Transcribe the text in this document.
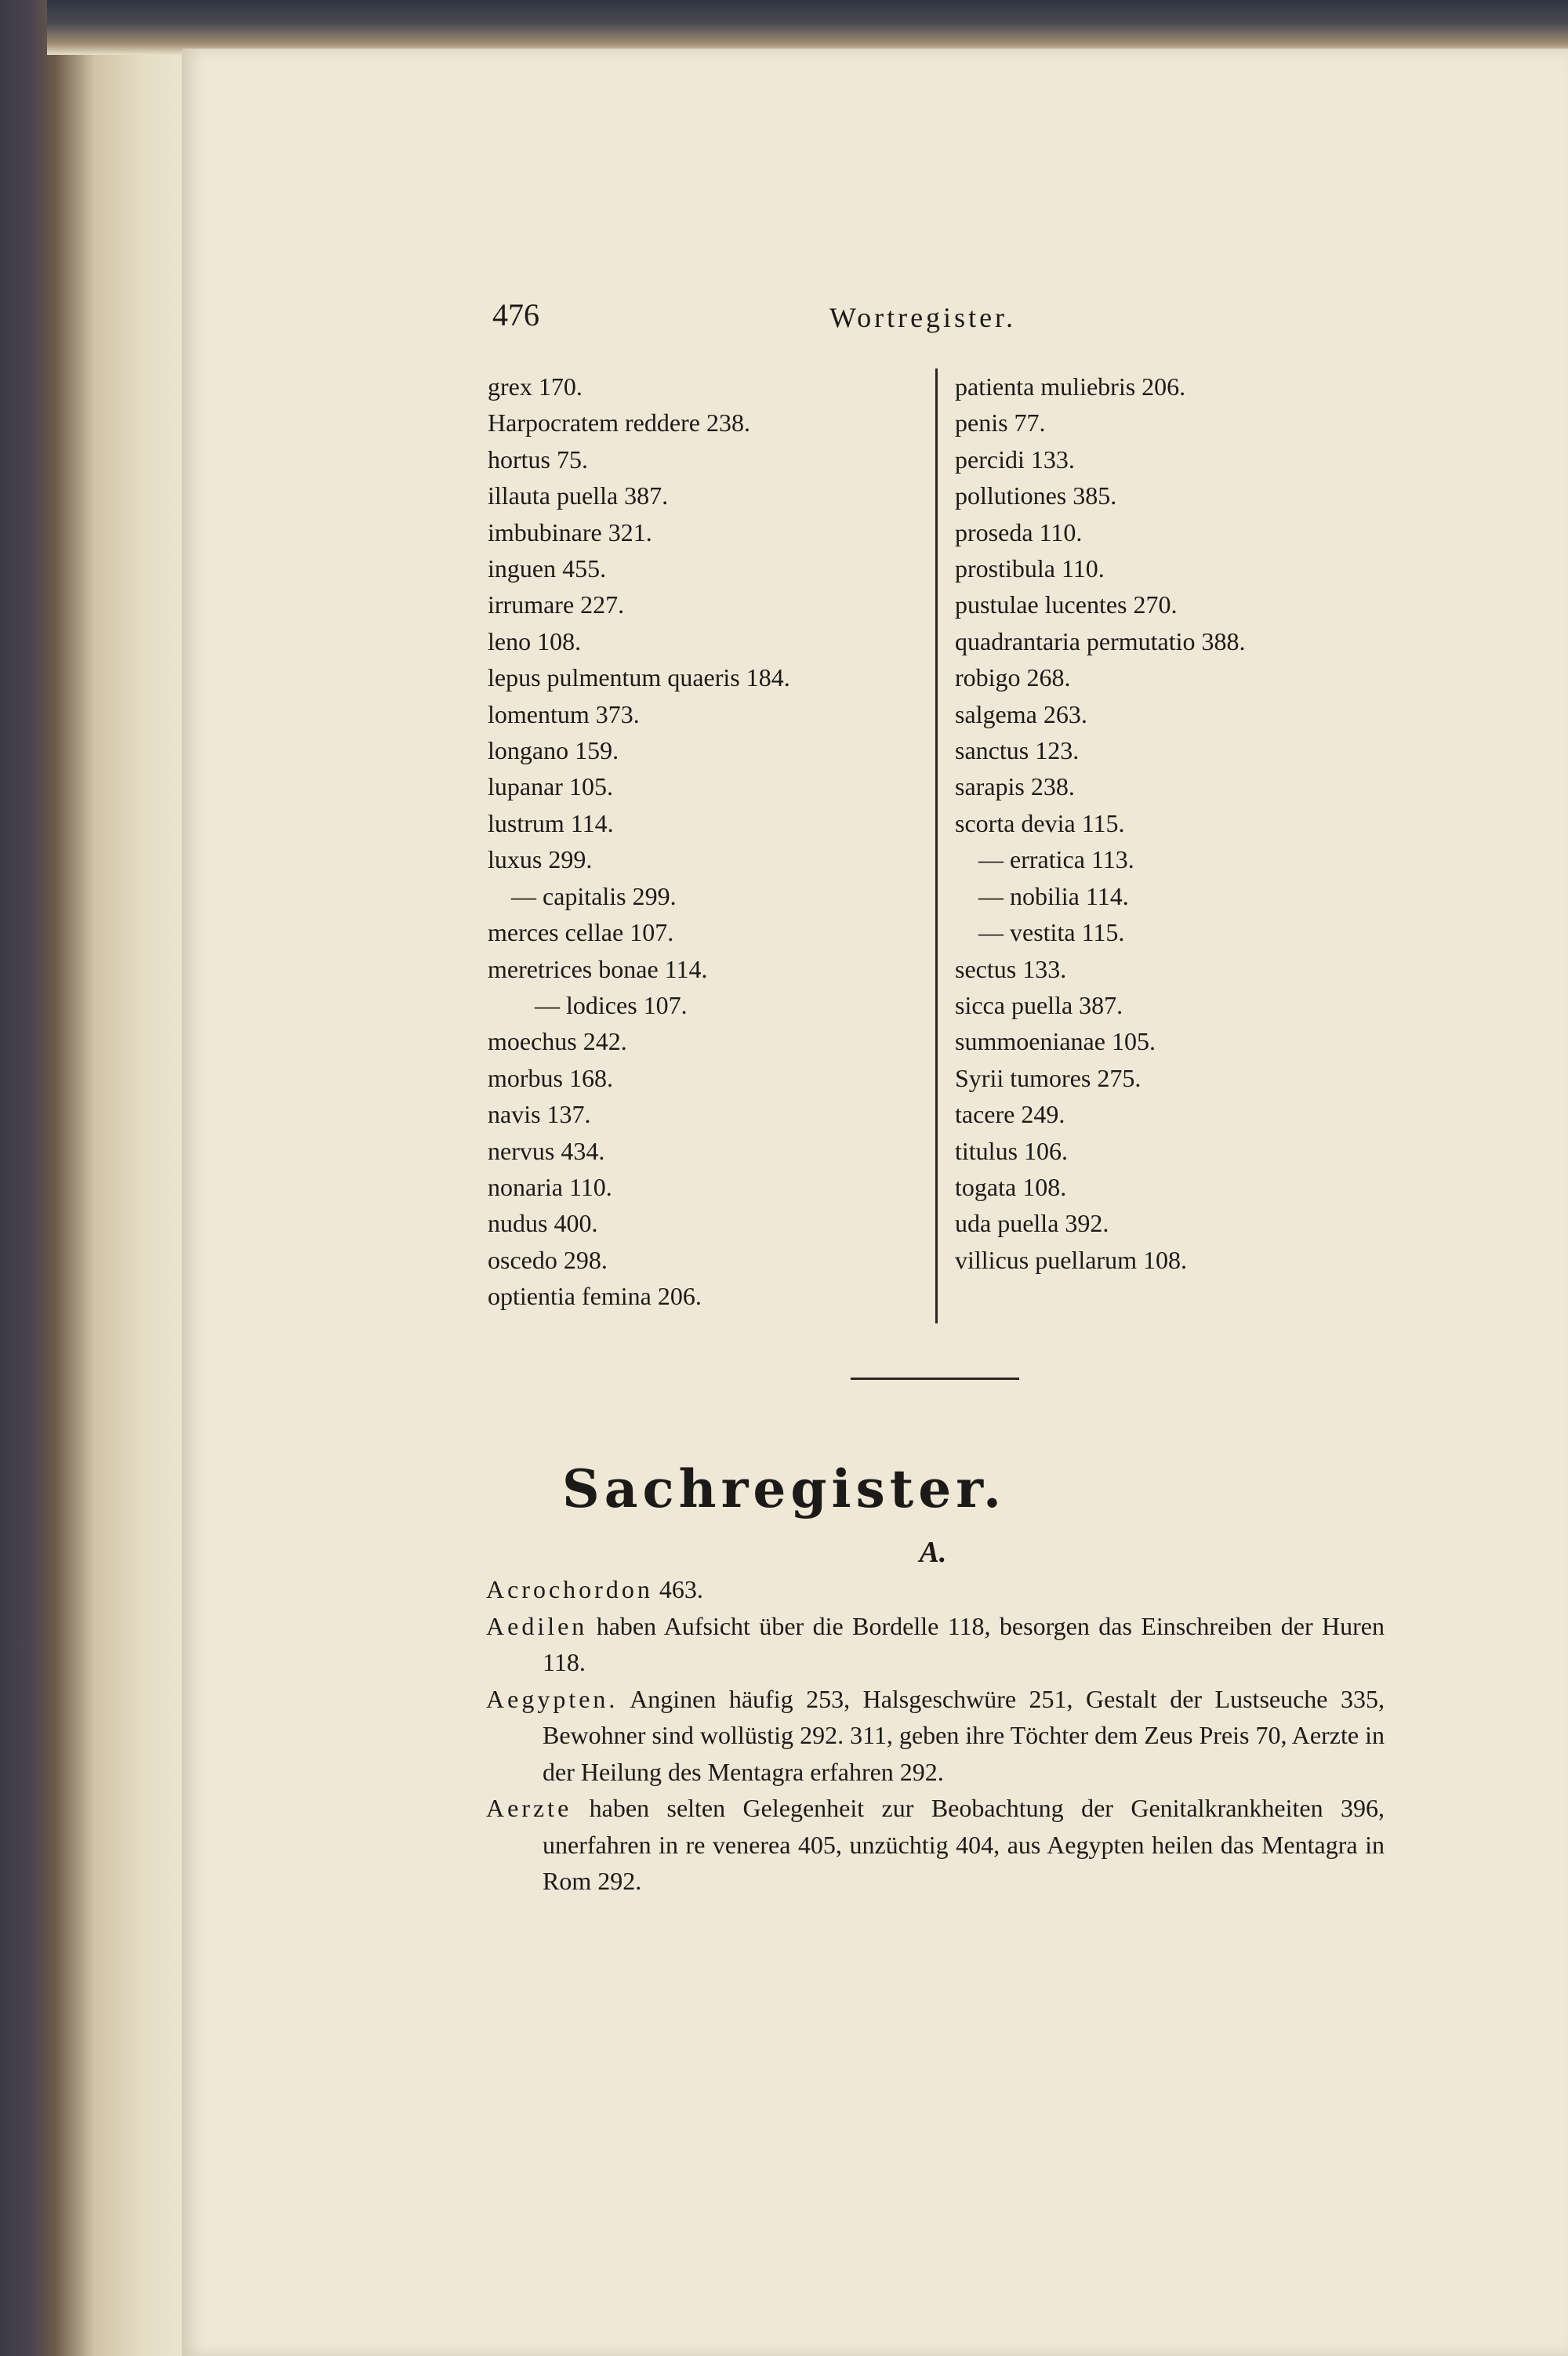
476	Wortregister.
grex 170.
Harpocratem reddere 238.
hortus 75.
illauta puella 387.
imbubinare 321.
inguen 455.
irrumare 227.
leno 108.
lepus pulmentum quaeris 184.
lomentum 373.
longano 159.
lupanar 105.
lustrum 114.
luxus 299.
— capitalis 299.
merces cellae 107.
meretrices bonae 114.
— lodices 107.
moechus 242.
morbus 168.
navis 137.
nervus 434.
nonaria 110.
nudus 400.
oscedo 298.
optientia femina 206.
patienta muliebris 206.
penis 77.
percidi 133.
pollutiones 385.
proseda 110.
prostibula 110.
pustulae lucentes 270.
quadrantaria permutatio 388.
robigo 268.
salgema 263.
sanctus 123.
sarapis 238.
scorta devia 115.
— erratica 113.
— nobilia 114.
— vestita 115.
sectus 133.
sicca puella 387.
summoenianae 105.
Syrii tumores 275.
tacere 249.
titulus 106.
togata 108.
uda puella 392.
villicus puellarum 108.
Sachregister.
A.

Acrochordon 463.

Aedilen haben Aufsicht über die Bordelle 118, besorgen das Einschreiben der Huren 118.

Aegypten. Anginen häufig 253, Halsgeschwüre 251, Gestalt der Lustseuche 335, Bewohner sind wollüstig 292. 311, geben ihre Töchter dem Zeus Preis 70, Aerzte in der Heilung des Mentagra erfahren 292.

Aerzte haben selten Gelegenheit zur Beobachtung der Genitalkrankheiten 396, unerfahren in re venerea 405, unzüchtig 404, aus Aegypten heilen das Mentagra in Rom 292.
